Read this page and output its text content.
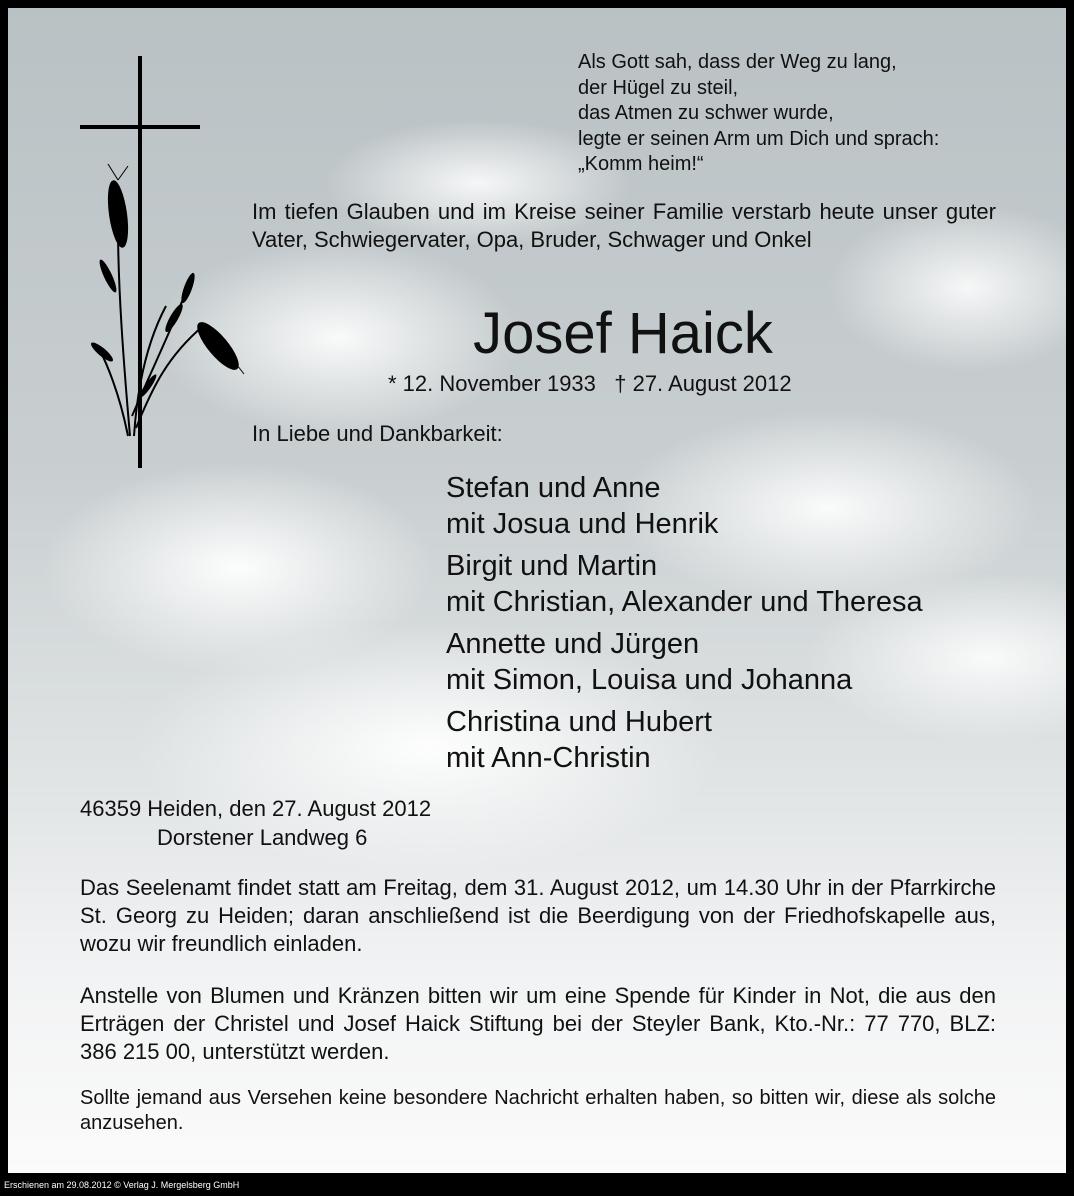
Als Gott sah, dass der Weg zu lang,
der Hügel zu steil,
das Atmen zu schwer wurde,
legte er seinen Arm um Dich und sprach:
„Komm heim!“
Im tiefen Glauben und im Kreise seiner Familie verstarb heute unser guter Vater, Schwiegervater, Opa, Bruder, Schwager und Onkel
Josef Haick
* 12. November 1933   † 27. August 2012
In Liebe und Dankbarkeit:
Stefan und Anne
mit Josua und Henrik
Birgit und Martin
mit Christian, Alexander und Theresa
Annette und Jürgen
mit Simon, Louisa und Johanna
Christina und Hubert
mit Ann-Christin
46359 Heiden, den 27. August 2012
Dorstener Landweg 6
Das Seelenamt findet statt am Freitag, dem 31. August 2012, um 14.30 Uhr in der Pfarrkirche St. Georg zu Heiden; daran anschließend ist die Beerdigung von der Friedhofskapelle aus, wozu wir freundlich einladen.
Anstelle von Blumen und Kränzen bitten wir um eine Spende für Kinder in Not, die aus den Erträgen der Christel und Josef Haick Stiftung bei der Steyler Bank, Kto.-Nr.: 77 770, BLZ: 386 215 00, unterstützt werden.
Sollte jemand aus Versehen keine besondere Nachricht erhalten haben, so bitten wir, diese als solche anzusehen.
Erschienen am 29.08.2012 © Verlag J. Mergelsberg GmbH
